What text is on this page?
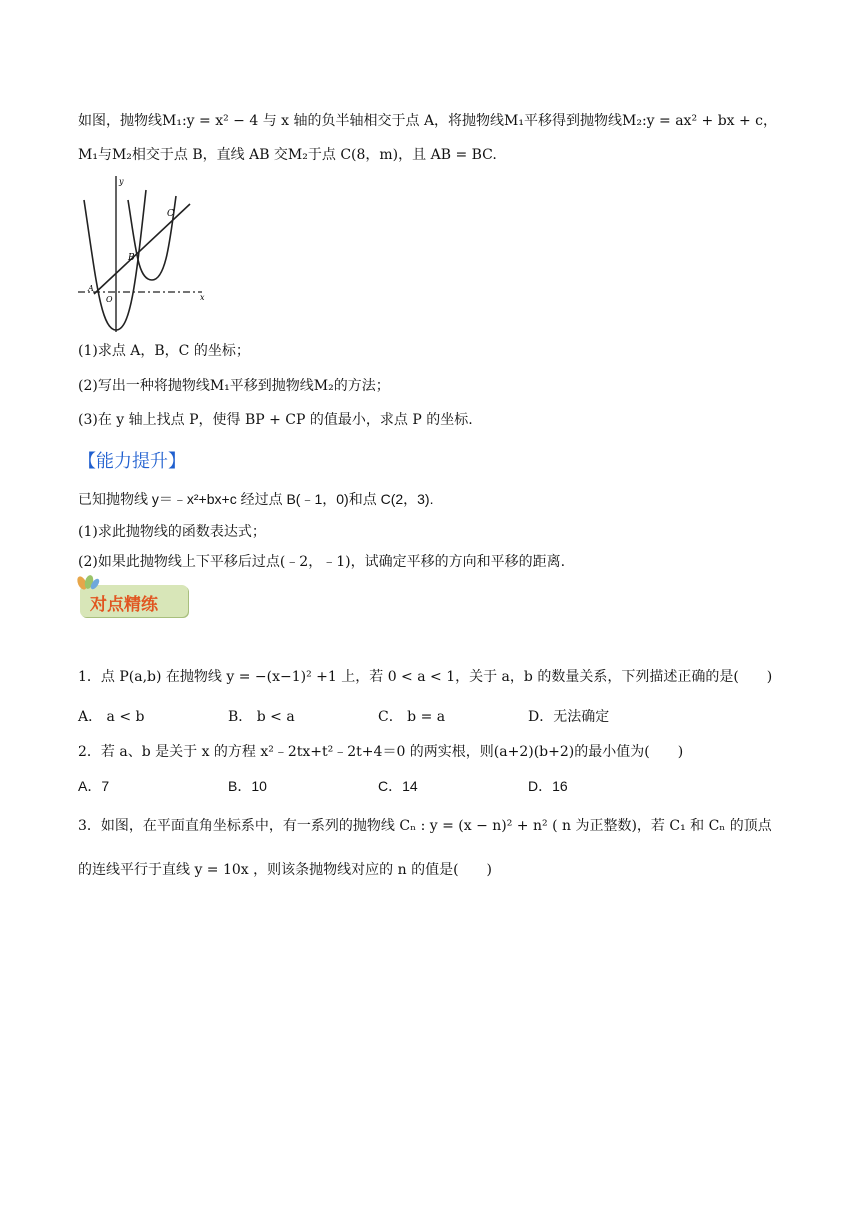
如图，抛物线M₁:y = x² − 4 与 x 轴的负半轴相交于点 A，将抛物线M₁平移得到抛物线M₂:y = ax² + bx + c，
M₁与M₂相交于点 B，直线 AB 交M₂于点 C(8，m)，且 AB = BC.
y
C
B
A
O	x
(1)求点 A，B，C 的坐标；
(2)写出一种将抛物线M₁平移到抛物线M₂的方法；
(3)在 y 轴上找点 P，使得 BP + CP 的值最小，求点 P 的坐标.
【能力提升】
已知抛物线 y＝﹣x²+bx+c 经过点 B(﹣1，0)和点 C(2，3).
(1)求此抛物线的函数表达式；
(2)如果此抛物线上下平移后过点(﹣2，﹣1)，试确定平移的方向和平移的距离.
对点精练
1．点 P(a,b) 在抛物线 y = −(x−1)² +1 上，若 0 < a < 1，关于 a，b 的数量关系，下列描述正确的是(　　)
A． a < b	B． b < a	C． b = a	D．无法确定
2．若 a、b 是关于 x 的方程 x²﹣2tx+t²﹣2t+4＝0 的两实根，则(a+2)(b+2)的最小值为(　　)
A．7	B．10	C．14	D．16
3．如图，在平面直角坐标系中，有一系列的抛物线 Cₙ : y = (x − n)² + n² ( n 为正整数)，若 C₁ 和 Cₙ 的顶点
的连线平行于直线 y = 10x ，则该条抛物线对应的 n 的值是(　　)
